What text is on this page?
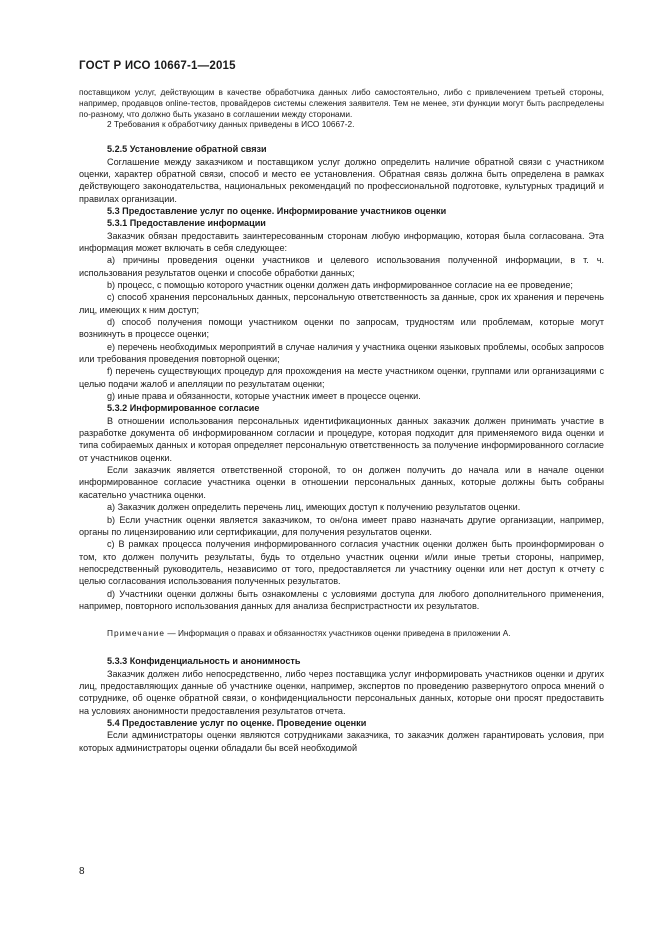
ГОСТ Р ИСО 10667-1—2015

поставщиком услуг, действующим в качестве обработчика данных либо самостоятельно, либо с привлечением третьей стороны, например, продавцов online-тестов, провайдеров системы слежения заявителя. Тем не менее, эти функции могут быть распределены по-разному, что должно быть указано в соглашении между сторонами.

2 Требования к обработчику данных приведены в ИСО 10667-2.

5.2.5 Установление обратной связи

Соглашение между заказчиком и поставщиком услуг должно определить наличие обратной связи с участником оценки, характер обратной связи, способ и место ее установления. Обратная связь должна быть определена в рамках действующего законодательства, национальных рекомендаций по профессиональной подготовке, культурных традиций и правилах организации.

5.3 Предоставление услуг по оценке. Информирование участников оценки

5.3.1 Предоставление информации

Заказчик обязан предоставить заинтересованным сторонам любую информацию, которая была согласована. Эта информация может включать в себя следующее:

a) причины проведения оценки участников и целевого использования полученной информации, в т. ч. использования результатов оценки и способе обработки данных;

b) процесс, с помощью которого участник оценки должен дать информированное согласие на ее проведение;

c) способ хранения персональных данных, персональную ответственность за данные, срок их хранения и перечень лиц, имеющих к ним доступ;

d) способ получения помощи участником оценки по запросам, трудностям или проблемам, которые могут возникнуть в процессе оценки;

e) перечень необходимых мероприятий в случае наличия у участника оценки языковых проблемы, особых запросов или требования проведения повторной оценки;

f) перечень существующих процедур для прохождения на месте участником оценки, группами или организациями с целью подачи жалоб и апелляции по результатам оценки;

g) иные права и обязанности, которые участник имеет в процессе оценки.

5.3.2 Информированное согласие

В отношении использования персональных идентификационных данных заказчик должен принимать участие в разработке документа об информированном согласии и процедуре, которая подходит для применяемого вида оценки и типа собираемых данных и которая определяет персональную ответственность за получение информированного согласие от участников оценки.

Если заказчик является ответственной стороной, то он должен получить до начала или в начале оценки информированное согласие участника оценки в отношении персональных данных, которые должны быть собраны касательно участника оценки.

a) Заказчик должен определить перечень лиц, имеющих доступ к получению результатов оценки.

b) Если участник оценки является заказчиком, то он/она имеет право назначать другие организации, например, органы по лицензированию или сертификации, для получения результатов оценки.

c) В рамках процесса получения информированного согласия участник оценки должен быть проинформирован о том, кто должен получить результаты, будь то отдельно участник оценки и/или иные третьи стороны, например, непосредственный руководитель, независимо от того, предоставляется ли участнику оценки или нет доступ к отчету с целью согласования использования полученных результатов.

d) Участники оценки должны быть ознакомлены с условиями доступа для любого дополнительного применения, например, повторного использования данных для анализа беспристрастности их результатов.

Примечание — Информация о правах и обязанностях участников оценки приведена в приложении А.

5.3.3 Конфиденциальность и анонимность

Заказчик должен либо непосредственно, либо через поставщика услуг информировать участников оценки и других лиц, предоставляющих данные об участнике оценки, например, экспертов по проведению развернутого опроса мнений о сотруднике, об оценке обратной связи, о конфиденциальности персональных данных, которые они просят предоставить на условиях анонимности предоставления результатов отчета.

5.4 Предоставление услуг по оценке. Проведение оценки

Если администраторы оценки являются сотрудниками заказчика, то заказчик должен гарантировать условия, при которых администраторы оценки обладали бы всей необходимой

8
